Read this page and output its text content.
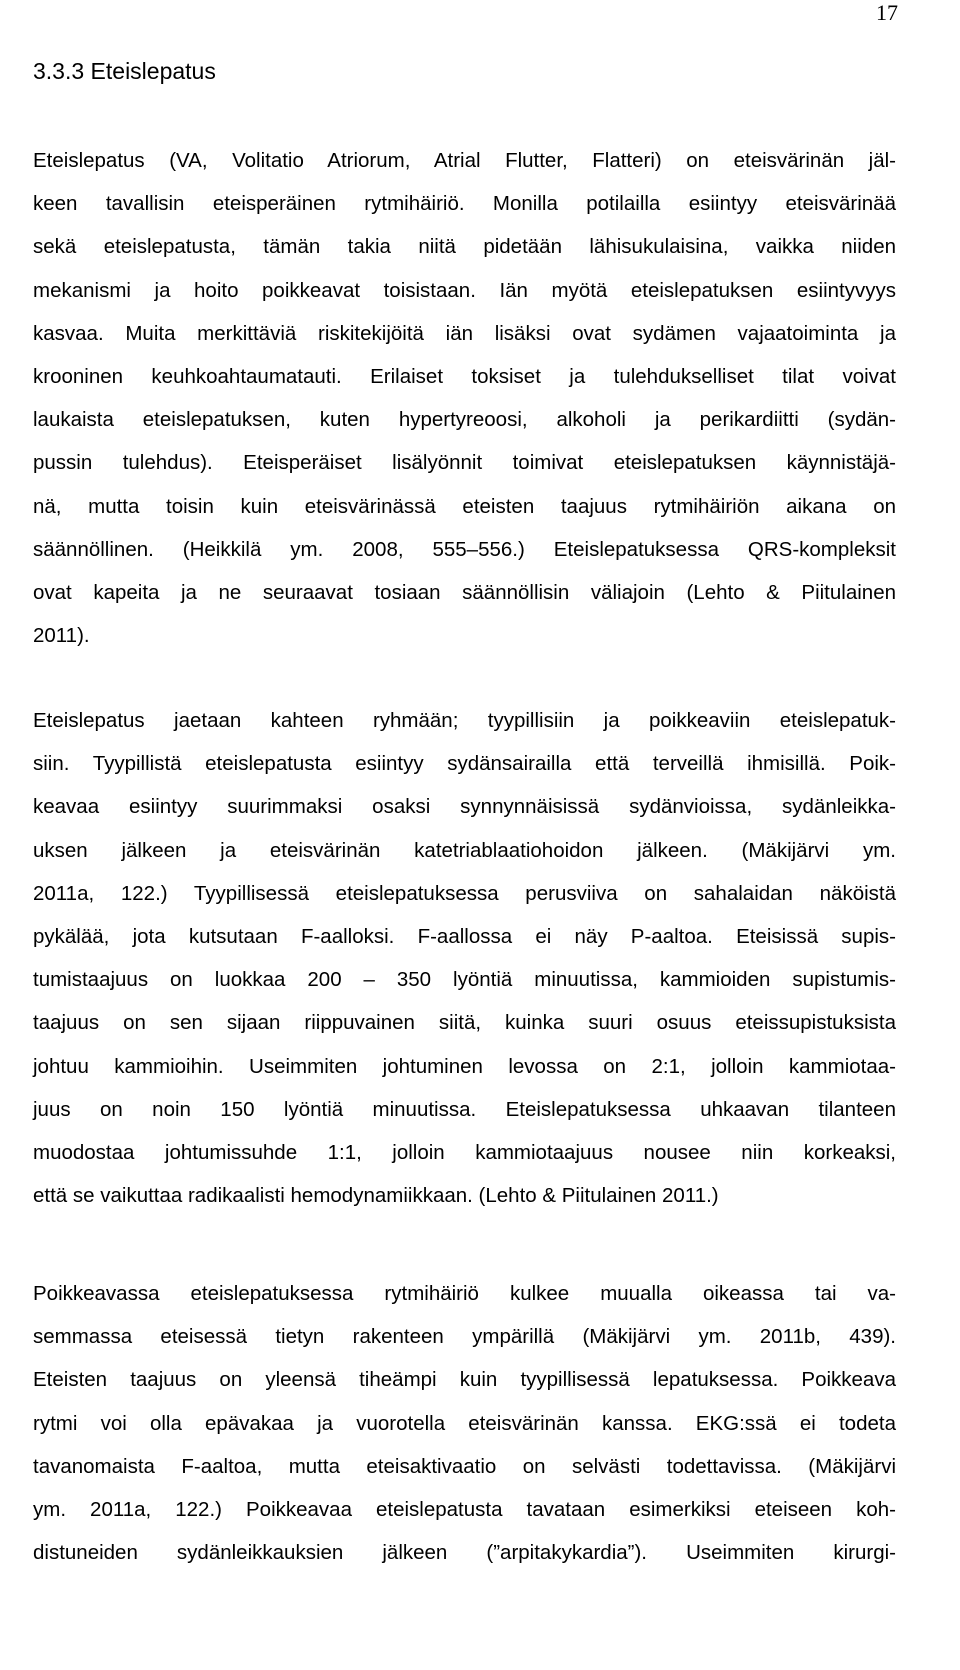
17
3.3.3 Eteislepatus
Eteislepatus (VA, Volitatio Atriorum, Atrial Flutter, Flatteri) on eteisvärinän jäl-
keen tavallisin eteisperäinen rytmihäiriö. Monilla potilailla esiintyy eteisvärinää
sekä eteislepatusta, tämän takia niitä pidetään lähisukulaisina, vaikka niiden
mekanismi ja hoito poikkeavat toisistaan. Iän myötä eteislepatuksen esiintyvyys
kasvaa. Muita merkittäviä riskitekijöitä iän lisäksi ovat sydämen vajaatoiminta ja
krooninen keuhkoahtaumatauti. Erilaiset toksiset ja tulehdukselliset tilat voivat
laukaista eteislepatuksen, kuten hypertyreoosi, alkoholi ja perikardiitti (sydän-
pussin tulehdus). Eteisperäiset lisälyönnit toimivat eteislepatuksen käynnistäjä-
nä, mutta toisin kuin eteisvärinässä eteisten taajuus rytmihäiriön aikana on
säännöllinen. (Heikkilä ym. 2008, 555–556.) Eteislepatuksessa QRS-kompleksit
ovat kapeita ja ne seuraavat tosiaan säännöllisin väliajoin (Lehto & Piitulainen
2011).
Eteislepatus jaetaan kahteen ryhmään; tyypillisiin ja poikkeaviin eteislepatuk-
siin. Tyypillistä eteislepatusta esiintyy sydänsairailla että terveillä ihmisillä. Poik-
keavaa esiintyy suurimmaksi osaksi synnynnäisissä sydänvioissa, sydänleikka-
uksen jälkeen ja eteisvärinän katetriablaatiohoidon jälkeen. (Mäkijärvi ym.
2011a, 122.) Tyypillisessä eteislepatuksessa perusviiva on sahalaidan näköistä
pykälää, jota kutsutaan F-aalloksi. F-aallossa ei näy P-aaltoa. Eteisissä supis-
tumistaajuus on luokkaa 200 – 350 lyöntiä minuutissa, kammioiden supistumis-
taajuus on sen sijaan riippuvainen siitä, kuinka suuri osuus eteissupistuksista
johtuu kammioihin. Useimmiten johtuminen levossa on 2:1, jolloin kammiotaa-
juus on noin 150 lyöntiä minuutissa. Eteislepatuksessa uhkaavan tilanteen
muodostaa johtumissuhde 1:1, jolloin kammiotaajuus nousee niin korkeaksi,
että se vaikuttaa radikaalisti hemodynamiikkaan. (Lehto & Piitulainen 2011.)
Poikkeavassa eteislepatuksessa rytmihäiriö kulkee muualla oikeassa tai va-
semmassa eteisessä tietyn rakenteen ympärillä (Mäkijärvi ym. 2011b, 439).
Eteisten taajuus on yleensä tiheämpi kuin tyypillisessä lepatuksessa. Poikkeava
rytmi voi olla epävakaa ja vuorotella eteisvärinän kanssa. EKG:ssä ei todeta
tavanomaista F-aaltoa, mutta eteisaktivaatio on selvästi todettavissa. (Mäkijärvi
ym. 2011a, 122.) Poikkeavaa eteislepatusta tavataan esimerkiksi eteiseen koh-
distuneiden sydänleikkauksien jälkeen (”arpitakykardia”). Useimmiten kirurgi-
